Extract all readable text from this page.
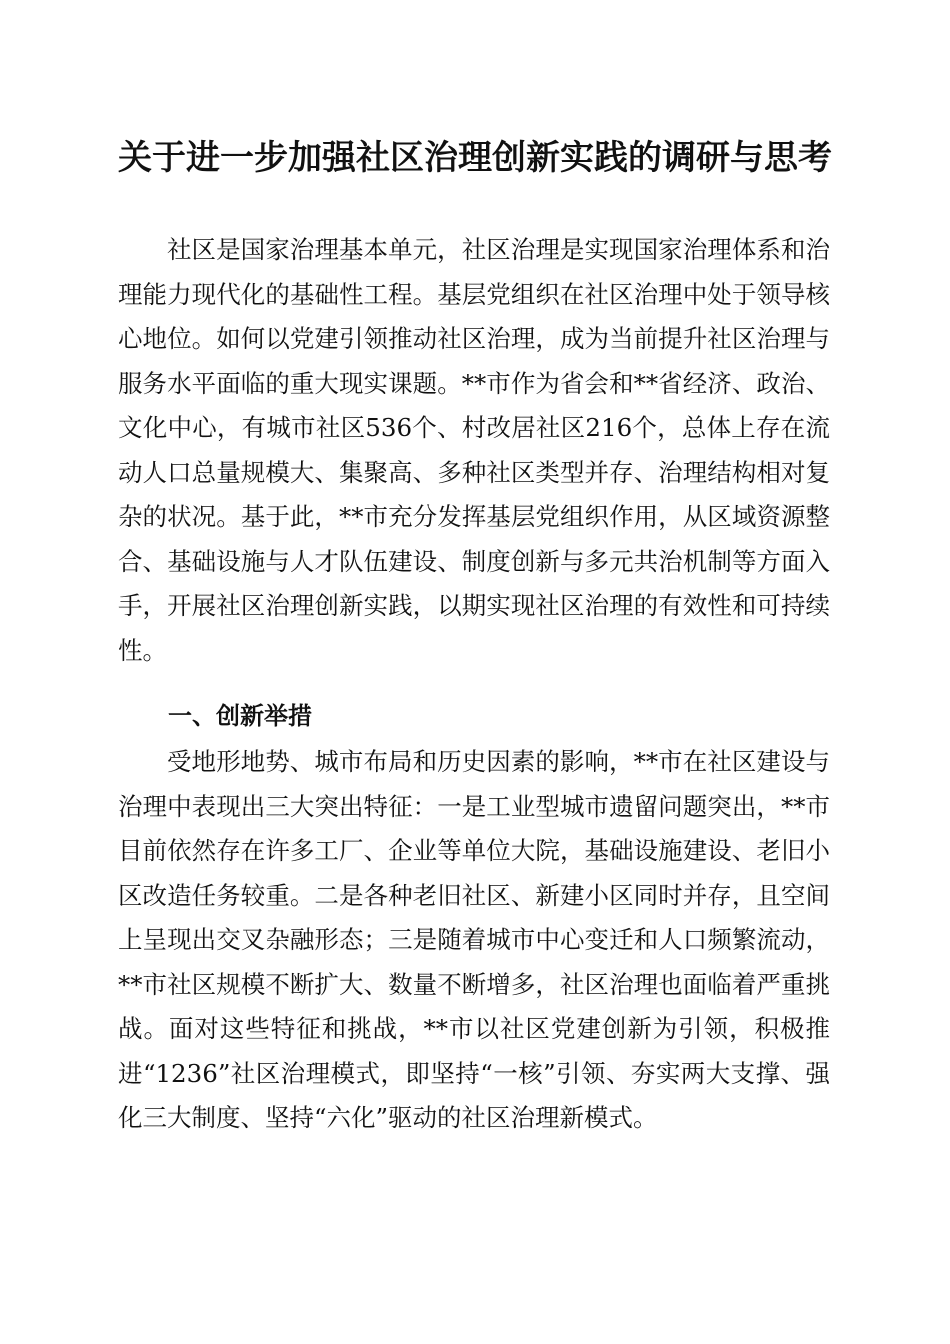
关于进一步加强社区治理创新实践的调研与思考

社区是国家治理基本单元，社区治理是实现国家治理体系和治理能力现代化的基础性工程。基层党组织在社区治理中处于领导核心地位。如何以党建引领推动社区治理，成为当前提升社区治理与服务水平面临的重大现实课题。**市作为省会和**省经济、政治、文化中心，有城市社区536个、村改居社区216个，总体上存在流动人口总量规模大、集聚高、多种社区类型并存、治理结构相对复杂的状况。基于此，**市充分发挥基层党组织作用，从区域资源整合、基础设施与人才队伍建设、制度创新与多元共治机制等方面入手，开展社区治理创新实践，以期实现社区治理的有效性和可持续性。

一、创新举措

受地形地势、城市布局和历史因素的影响，**市在社区建设与治理中表现出三大突出特征：一是工业型城市遗留问题突出，**市目前依然存在许多工厂、企业等单位大院，基础设施建设、老旧小区改造任务较重。二是各种老旧社区、新建小区同时并存，且空间上呈现出交叉杂融形态；三是随着城市中心变迁和人口频繁流动，**市社区规模不断扩大、数量不断增多，社区治理也面临着严重挑战。面对这些特征和挑战，**市以社区党建创新为引领，积极推进“1236”社区治理模式，即坚持“一核”引领、夯实两大支撑、强化三大制度、坚持“六化”驱动的社区治理新模式。
